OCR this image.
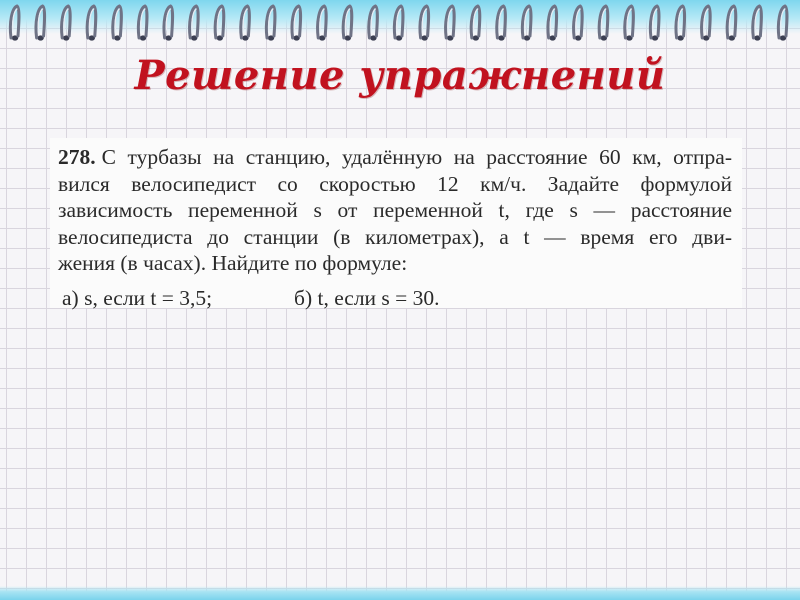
Решение упражнений
278. С турбазы на станцию, удалённую на расстояние 60 км, отпра-
вился велосипедист со скоростью 12 км/ч. Задайте формулой
зависимость переменной s от переменной t, где s — расстояние
велосипедиста до станции (в километрах), а t — время его дви-
жения (в часах). Найдите по формуле:
а) s, если t = 3,5;	б) t, если s = 30.
